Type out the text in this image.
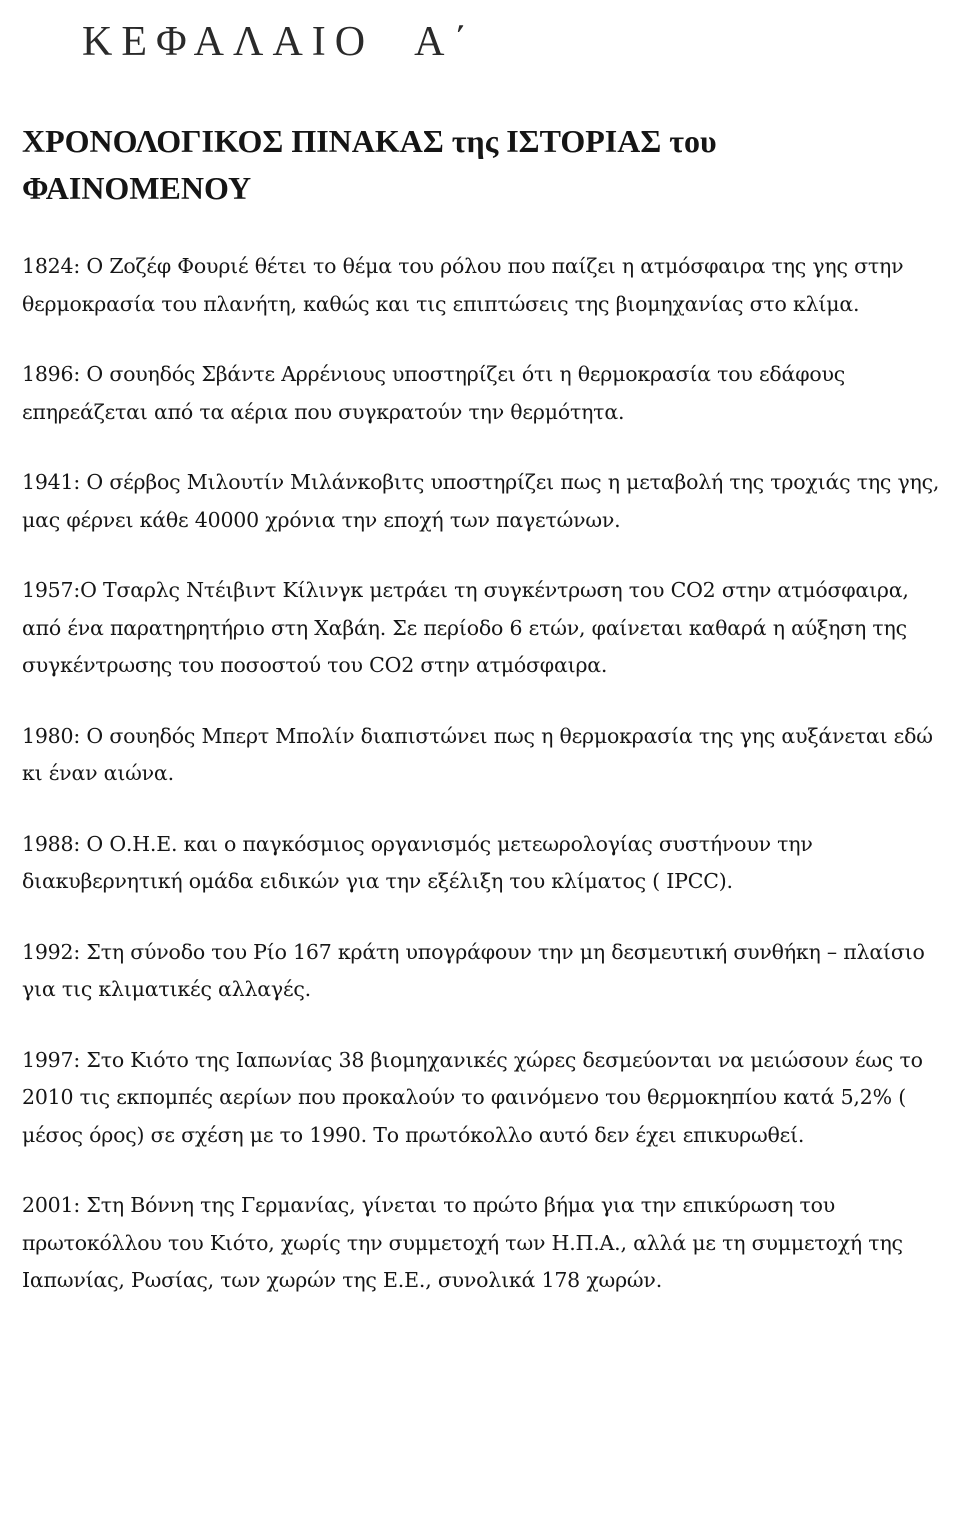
ΚΕΦΑΛΑΙΟ Α΄
ΧΡΟΝΟΛΟΓΙΚΟΣ ΠΙΝΑΚΑΣ της ΙΣΤΟΡΙΑΣ του ΦΑΙΝΟΜΕΝΟΥ

1824: Ο Ζοζέφ Φουριέ θέτει το θέμα του ρόλου που παίζει η ατμόσφαιρα της γης στην θερμοκρασία του πλανήτη, καθώς και τις επιπτώσεις της βιομηχανίας στο κλίμα.

1896: Ο σουηδός Σβάντε Αρρένιους υποστηρίζει ότι η θερμοκρασία του εδάφους επηρεάζεται από τα αέρια που συγκρατούν την θερμότητα.

1941: Ο σέρβος Μιλουτίν Μιλάνκοβιτς υποστηρίζει πως η μεταβολή της τροχιάς της γης, μας φέρνει κάθε 40000 χρόνια την εποχή των παγετώνων.

1957:Ο Τσαρλς Ντέιβιντ Κίλινγκ μετράει τη συγκέντρωση του CO2 στην ατμόσφαιρα, από ένα παρατηρητήριο στη Χαβάη. Σε περίοδο 6 ετών, φαίνεται καθαρά η αύξηση της συγκέντρωσης του ποσοστού του CO2 στην ατμόσφαιρα.

1980: Ο σουηδός Μπερτ Μπολίν διαπιστώνει πως η θερμοκρασία της γης αυξάνεται εδώ κι έναν αιώνα.

1988: Ο Ο.Η.Ε. και ο παγκόσμιος οργανισμός μετεωρολογίας συστήνουν την διακυβερνητική ομάδα ειδικών για την εξέλιξη του κλίματος ( IPCC).

1992: Στη σύνοδο του Ρίο 167 κράτη υπογράφουν την μη δεσμευτική συνθήκη – πλαίσιο για τις κλιματικές αλλαγές.

1997: Στο Κιότο της Ιαπωνίας 38 βιομηχανικές χώρες δεσμεύονται να μειώσουν έως το 2010 τις εκπομπές αερίων που προκαλούν το φαινόμενο του θερμοκηπίου κατά 5,2% ( μέσος όρος) σε σχέση με το 1990. Το πρωτόκολλο αυτό δεν έχει επικυρωθεί.

2001: Στη Βόννη της Γερμανίας, γίνεται το πρώτο βήμα για την επικύρωση του πρωτοκόλλου του Κιότο, χωρίς την συμμετοχή των Η.Π.Α., αλλά με τη συμμετοχή της Ιαπωνίας, Ρωσίας, των χωρών της Ε.Ε., συνολικά 178 χωρών.
